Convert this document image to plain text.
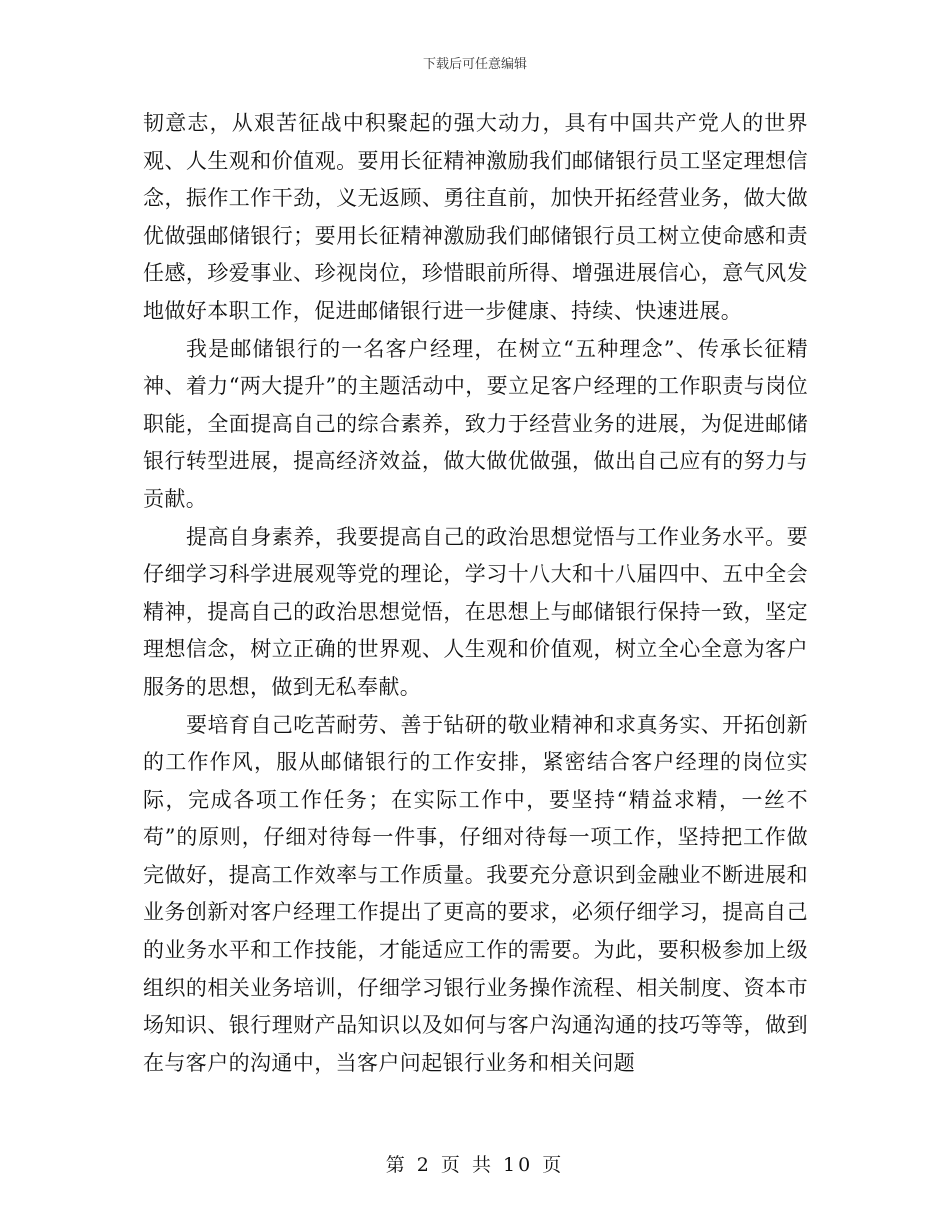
下载后可任意编辑

韧意志，从艰苦征战中积聚起的强大动力，具有中国共产党人的世界观、人生观和价值观。要用长征精神激励我们邮储银行员工坚定理想信念，振作工作干劲，义无返顾、勇往直前，加快开拓经营业务，做大做优做强邮储银行；要用长征精神激励我们邮储银行员工树立使命感和责任感，珍爱事业、珍视岗位，珍惜眼前所得、增强进展信心，意气风发地做好本职工作，促进邮储银行进一步健康、持续、快速进展。

我是邮储银行的一名客户经理，在树立“五种理念”、传承长征精神、着力“两大提升”的主题活动中，要立足客户经理的工作职责与岗位职能，全面提高自己的综合素养，致力于经营业务的进展，为促进邮储银行转型进展，提高经济效益，做大做优做强，做出自己应有的努力与贡献。

提高自身素养，我要提高自己的政治思想觉悟与工作业务水平。要仔细学习科学进展观等党的理论，学习十八大和十八届四中、五中全会精神，提高自己的政治思想觉悟，在思想上与邮储银行保持一致，坚定理想信念，树立正确的世界观、人生观和价值观，树立全心全意为客户服务的思想，做到无私奉献。

要培育自己吃苦耐劳、善于钻研的敬业精神和求真务实、开拓创新的工作作风，服从邮储银行的工作安排，紧密结合客户经理的岗位实际，完成各项工作任务；在实际工作中，要坚持“精益求精，一丝不苟”的原则，仔细对待每一件事，仔细对待每一项工作，坚持把工作做完做好，提高工作效率与工作质量。我要充分意识到金融业不断进展和业务创新对客户经理工作提出了更高的要求，必须仔细学习，提高自己的业务水平和工作技能，才能适应工作的需要。为此，要积极参加上级组织的相关业务培训，仔细学习银行业务操作流程、相关制度、资本市场知识、银行理财产品知识以及如何与客户沟通沟通的技巧等等，做到在与客户的沟通中，当客户问起银行业务和相关问题

第 2 页 共 10 页
